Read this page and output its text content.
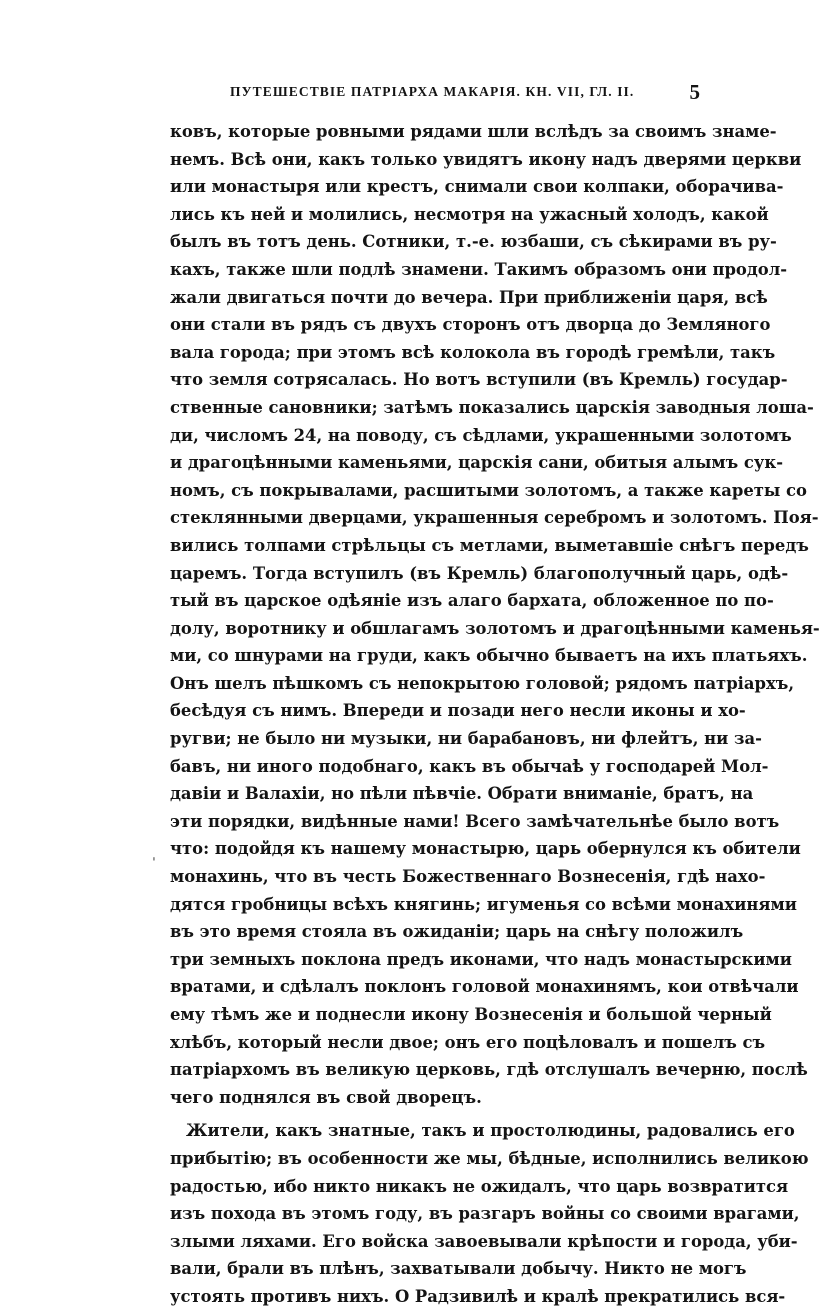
ПУТЕШЕСТВІЕ ПАТРІАРХА МАКАРІЯ. КН. VII, ГЛ. II.	5
ˈ
ковъ, которые ровными рядами шли вслѣдъ за своимъ знаме-
немъ. Всѣ они, какъ только увидятъ икону надъ дверями церкви
или монастыря или крестъ, снимали свои колпаки, оборачива-
лись къ ней и молились, несмотря на ужасный холодъ, какой
былъ въ тотъ день. Сотники, т.-е. юзбаши, съ сѣкирами въ ру-
кахъ, также шли подлѣ знамени. Такимъ образомъ они продол-
жали двигаться почти до вечера. При приближеніи царя, всѣ
они стали въ рядъ съ двухъ сторонъ отъ дворца до Земляного
вала города; при этомъ всѣ колокола въ городѣ гремѣли, такъ
что земля сотрясалась. Но вотъ вступили (въ Кремль) государ-
ственные сановники; затѣмъ показались царскія заводныя лоша-
ди, числомъ 24, на поводу, съ сѣдлами, украшенными золотомъ
и драгоцѣнными каменьями, царскія сани, обитыя алымъ сук-
номъ, съ покрывалами, расшитыми золотомъ, а также кареты со
стеклянными дверцами, украшенныя серебромъ и золотомъ. Поя-
вились толпами стрѣльцы съ метлами, выметавшіе снѣгъ передъ
царемъ. Тогда вступилъ (въ Кремль) благополучный царь, одѣ-
тый въ царское одѣяніе изъ алаго бархата, обложенное по по-
долу, воротнику и обшлагамъ золотомъ и драгоцѣнными каменья-
ми, со шнурами на груди, какъ обычно бываетъ на ихъ платьяхъ.
Онъ шелъ пѣшкомъ съ непокрытою головой; рядомъ патріархъ,
бесѣдуя съ нимъ. Впереди и позади него несли иконы и хо-
ругви; не было ни музыки, ни барабановъ, ни флейтъ, ни за-
бавъ, ни иного подобнаго, какъ въ обычаѣ у господарей Мол-
давіи и Валахіи, но пѣли пѣвчіе. Обрати вниманіе, братъ, на
эти порядки, видѣнные нами! Всего замѣчательнѣе было вотъ
что: подойдя къ нашему монастырю, царь обернулся къ обители
монахинь, что въ честь Божественнаго Вознесенія, гдѣ нахо-
дятся гробницы всѣхъ княгинь; игуменья со всѣми монахинями
въ это время стояла въ ожиданіи; царь на снѣгу положилъ
три земныхъ поклона предъ иконами, что надъ монастырскими
вратами, и сдѣлалъ поклонъ головой монахинямъ, кои отвѣчали
ему тѣмъ же и поднесли икону Вознесенія и большой черный
хлѣбъ, который несли двое; онъ его поцѣловалъ и пошелъ съ
патріархомъ въ великую церковь, гдѣ отслушалъ вечерню, послѣ
чего поднялся въ свой дворецъ.
Жители, какъ знатные, такъ и простолюдины, радовались его
прибытію; въ особенности же мы, бѣдные, исполнились великою
радостью, ибо никто никакъ не ожидалъ, что царь возвратится
изъ похода въ этомъ году, въ разгаръ войны со своими врагами,
злыми ляхами. Его войска завоевывали крѣпости и города, уби-
вали, брали въ плѣнъ, захватывали добычу. Никто не могъ
устоять противъ нихъ. О Радзивилѣ и кралѣ прекратились вся-
